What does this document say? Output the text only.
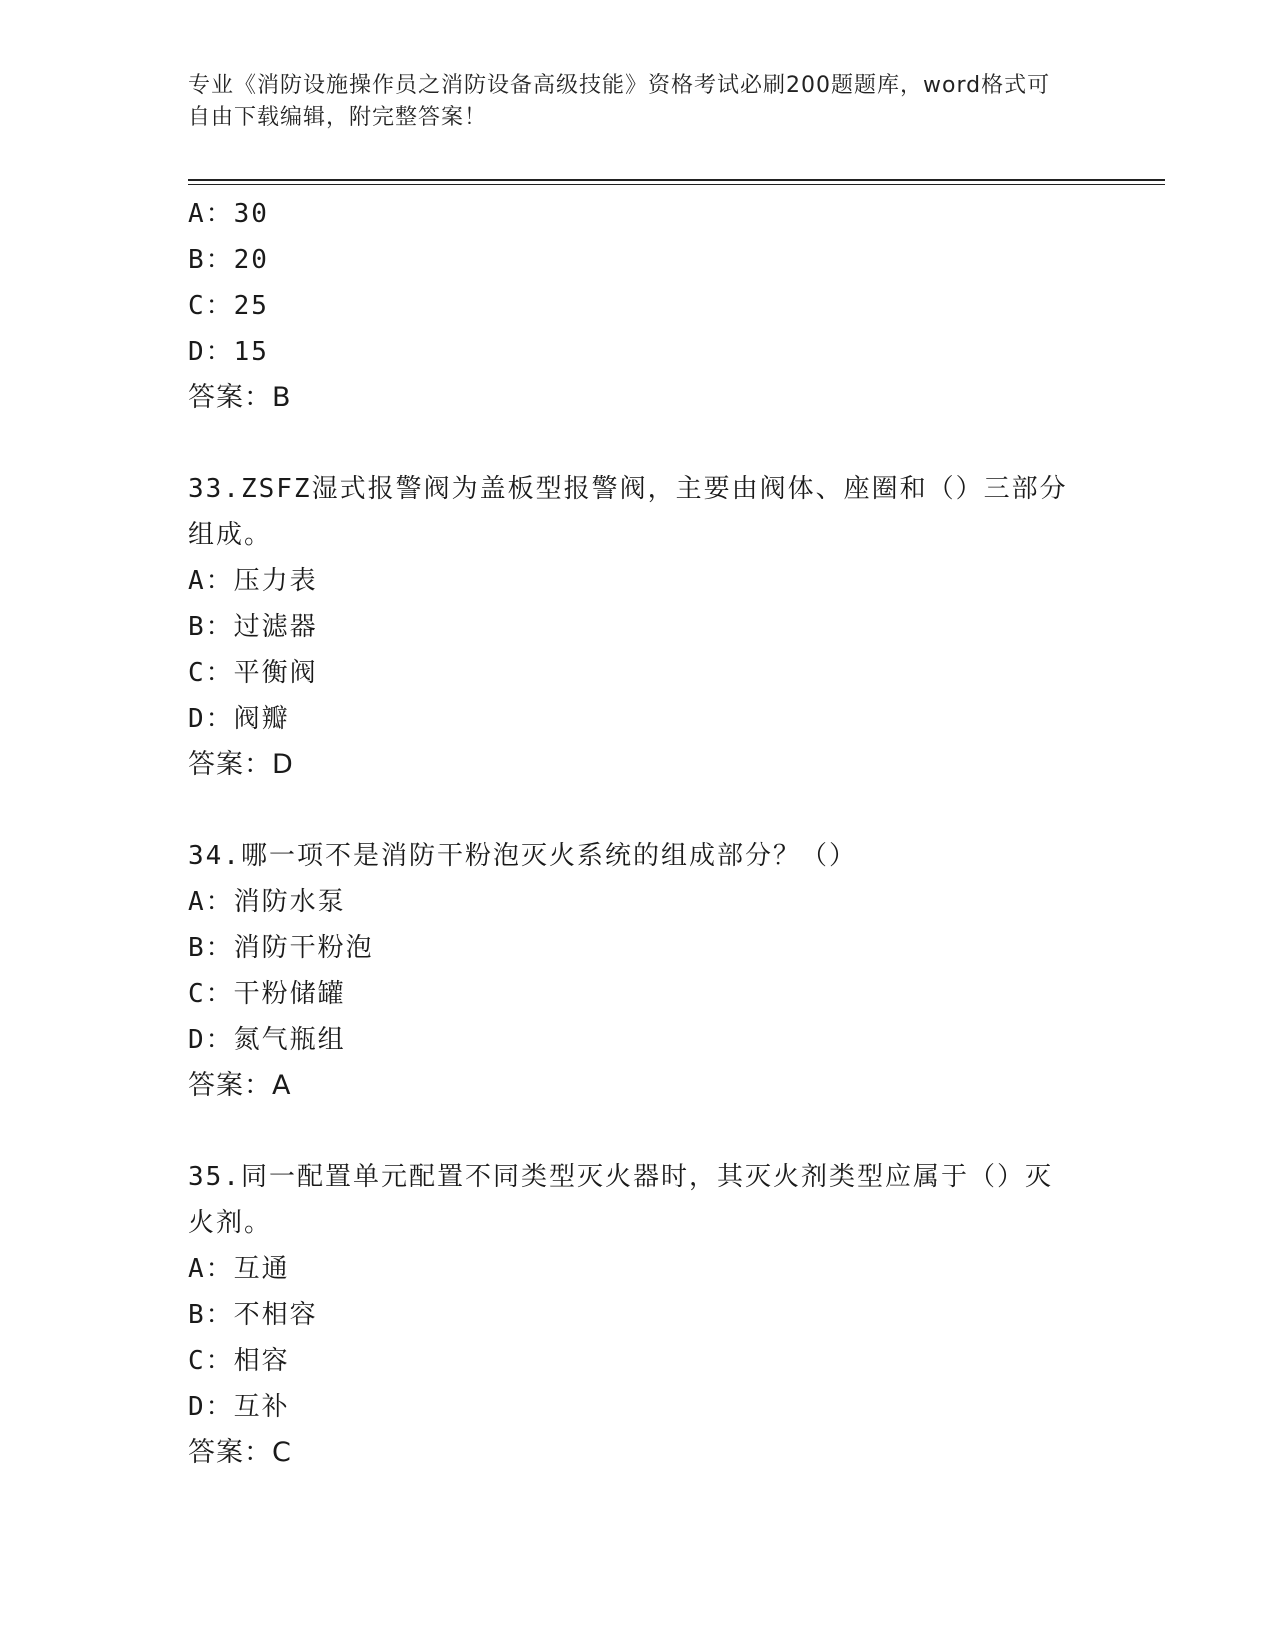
专业《消防设施操作员之消防设备高级技能》资格考试必刷200题题库，word格式可自由下载编辑，附完整答案！
A：30
B：20
C：25
D：15
答案：B
33.ZSFZ湿式报警阀为盖板型报警阀，主要由阀体、座圈和（）三部分
组成。
A：压力表
B：过滤器
C：平衡阀
D：阀瓣
答案：D
34.哪一项不是消防干粉泡灭火系统的组成部分？（）
A：消防水泵
B：消防干粉泡
C：干粉储罐
D：氮气瓶组
答案：A
35.同一配置单元配置不同类型灭火器时，其灭火剂类型应属于（）灭
火剂。
A：互通
B：不相容
C：相容
D：互补
答案：C
